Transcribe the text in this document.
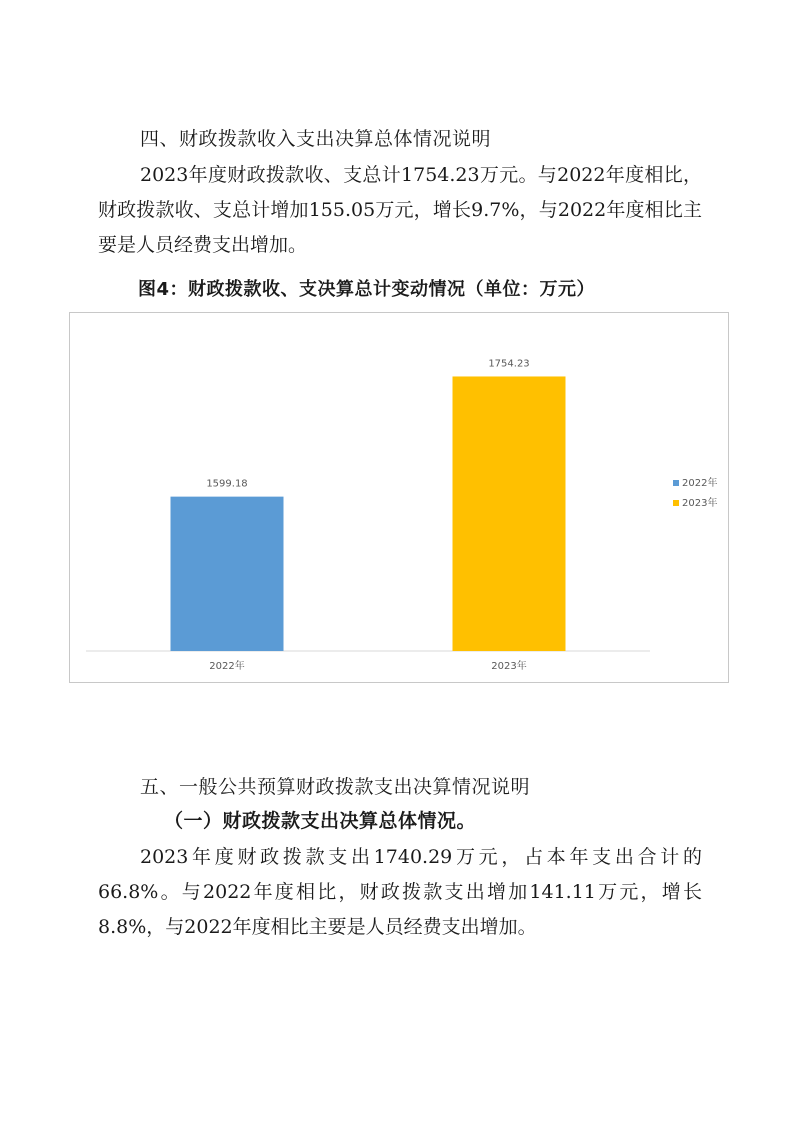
四、财政拨款收入支出决算总体情况说明

2023年度财政拨款收、支总计1754.23万元。与2022年度相比，财政拨款收、支总计增加155.05万元，增长9.7%，与2022年度相比主要是人员经费支出增加。

图4：财政拨款收、支决算总计变动情况（单位：万元）
1599.18
2022年
1754.23
2023年
2022年
2023年
五、一般公共预算财政拨款支出决算情况说明
（一）财政拨款支出决算总体情况。

2023年度财政拨款支出1740.29万元，占本年支出合计的66.8%。与2022年度相比，财政拨款支出增加141.11万元，增长8.8%，与2022年度相比主要是人员经费支出增加。
